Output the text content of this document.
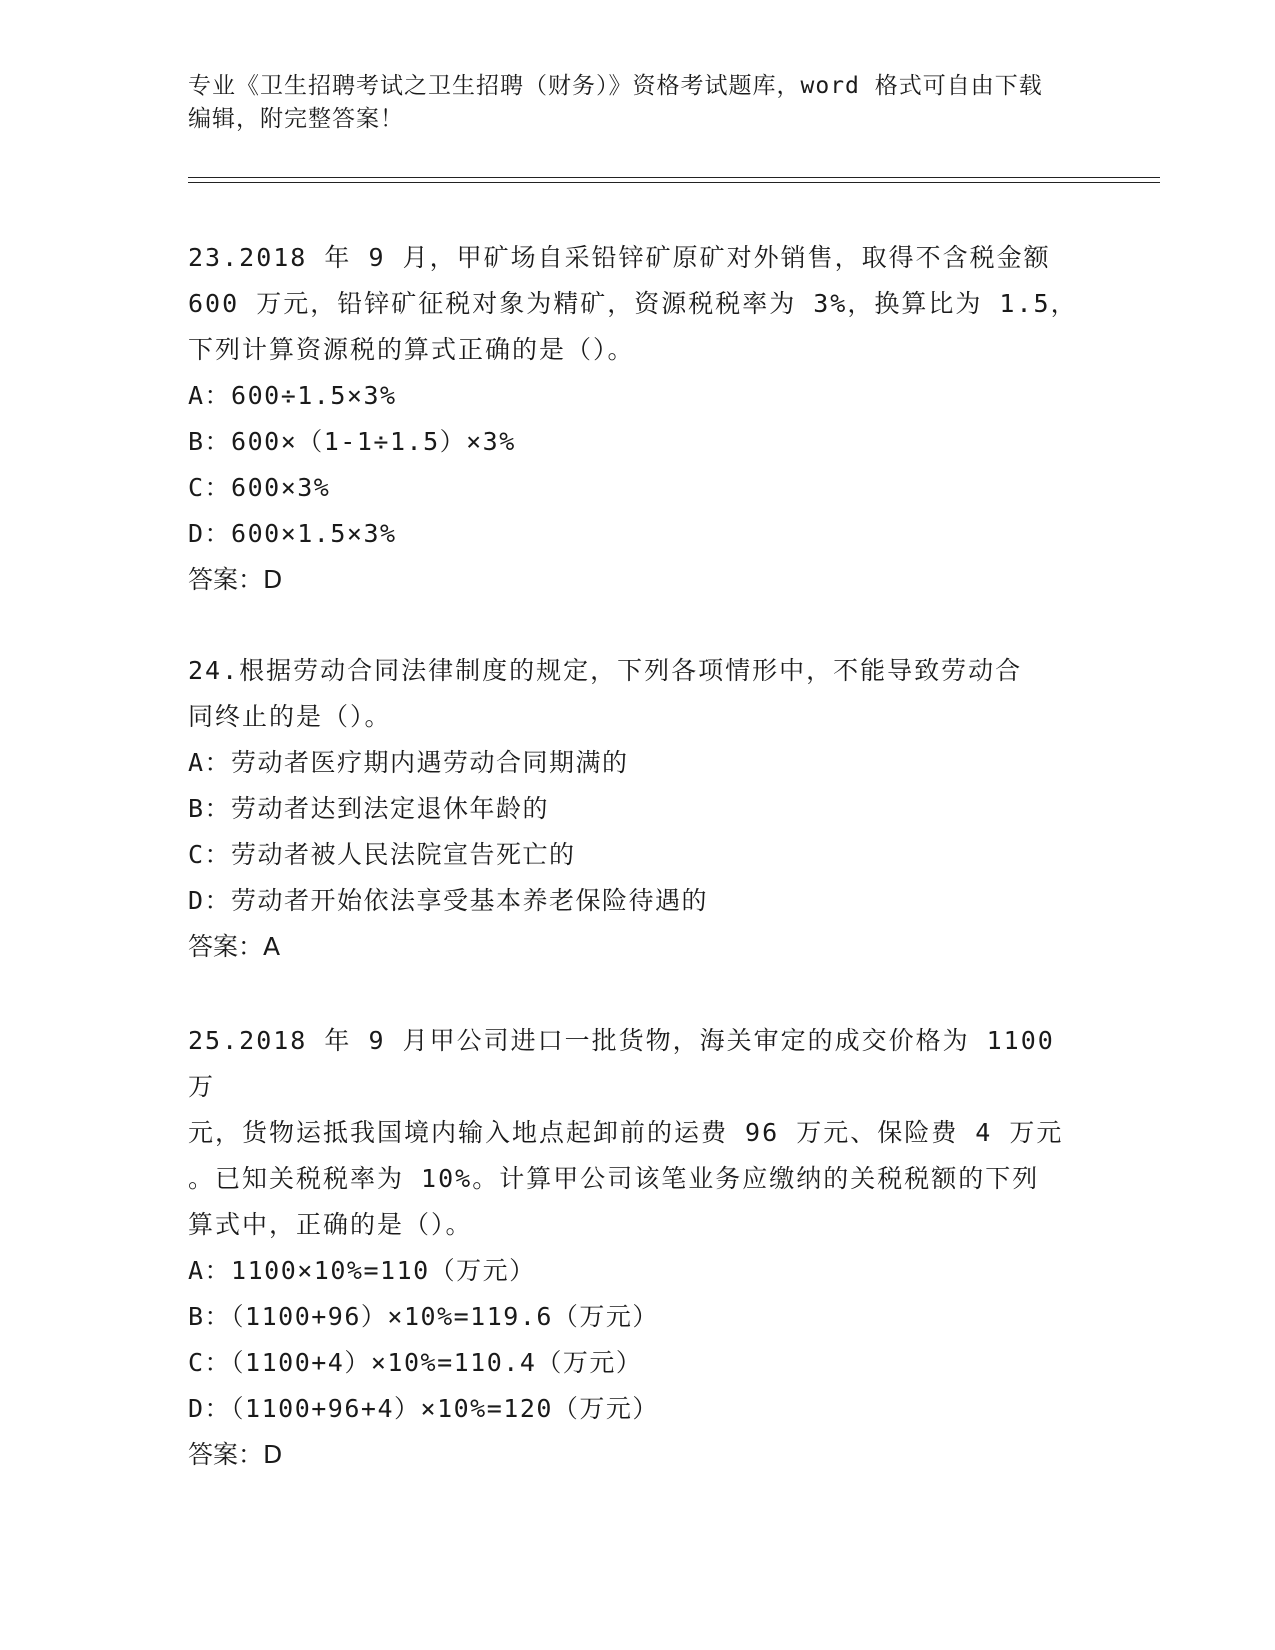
专业《卫生招聘考试之卫生招聘（财务）》资格考试题库，word 格式可自由下载
编辑，附完整答案！
23.2018 年 9 月，甲矿场自采铅锌矿原矿对外销售，取得不含税金额
600 万元，铅锌矿征税对象为精矿，资源税税率为 3%，换算比为 1.5，
下列计算资源税的算式正确的是（）。
A：600÷1.5×3%
B：600×（1-1÷1.5）×3%
C：600×3%
D：600×1.5×3%
答案：D
24.根据劳动合同法律制度的规定，下列各项情形中，不能导致劳动合
同终止的是（）。
A：劳动者医疗期内遇劳动合同期满的
B：劳动者达到法定退休年龄的
C：劳动者被人民法院宣告死亡的
D：劳动者开始依法享受基本养老保险待遇的
答案：A
25.2018 年 9 月甲公司进口一批货物，海关审定的成交价格为 1100 万
元，货物运抵我国境内输入地点起卸前的运费 96 万元、保险费 4 万元
。已知关税税率为 10%。计算甲公司该笔业务应缴纳的关税税额的下列
算式中，正确的是（）。
A：1100×10%=110（万元）
B：（1100+96）×10%=119.6（万元）
C：（1100+4）×10%=110.4（万元）
D：（1100+96+4）×10%=120（万元）
答案：D
